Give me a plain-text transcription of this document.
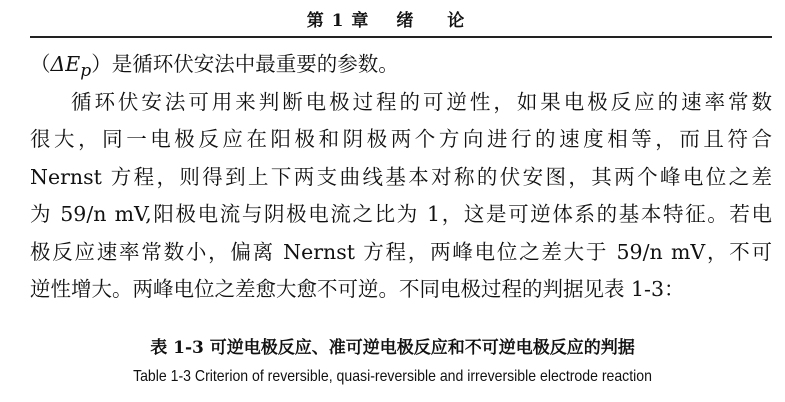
第 1 章 绪 论
$(\Delta E_p)$是循环伏安法中最重要的参数。
循环伏安法可用来判断电极过程的可逆性，如果电极反应的速率常数
很大，同一电极反应在阳极和阴极两个方向进行的速度相等，而且符合
Nernst 方程，则得到上下两支曲线基本对称的伏安图，其两个峰电位之差
为 59/n mV,阳极电流与阴极电流之比为 1，这是可逆体系的基本特征。若电
极反应速率常数小，偏离 Nernst 方程，两峰电位之差大于 59/n mV，不可
逆性增大。两峰电位之差愈大愈不可逆。不同电极过程的判据见表 1-3：
表 1-3 可逆电极反应、准可逆电极反应和不可逆电极反应的判据
Table 1-3 Criterion of reversible, quasi-reversible and irreversible electrode reaction
